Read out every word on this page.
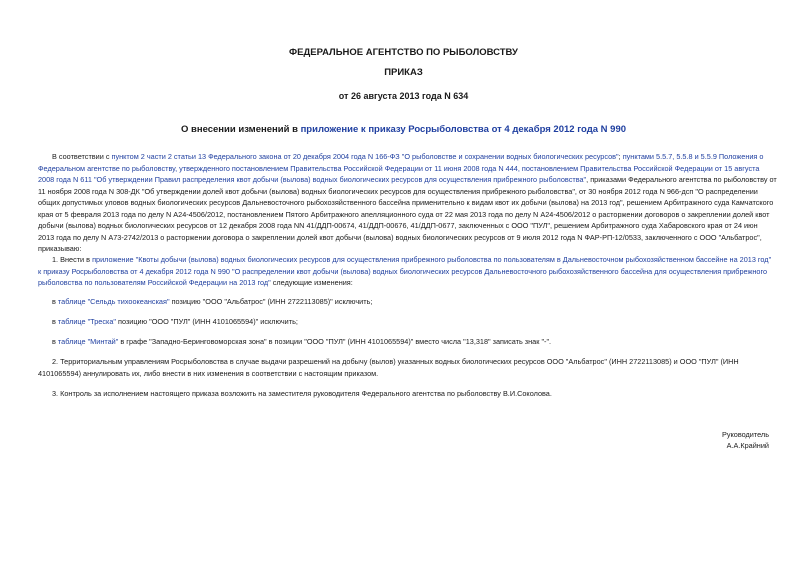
ФЕДЕРАЛЬНОЕ АГЕНТСТВО ПО РЫБОЛОВСТВУ
ПРИКАЗ
от 26 августа 2013 года N 634
О внесении изменений в приложение к приказу Росрыболовства от 4 декабря 2012 года N 990
В соответствии с пунктом 2 части 2 статьи 13 Федерального закона от 20 декабря 2004 года N 166-ФЗ "О рыболовстве и сохранении водных биологических ресурсов"; пунктами 5.5.7, 5.5.8 и 5.5.9 Положения о
Федеральном агентстве по рыболовству, утвержденного постановлением Правительства Российской Федерации от 11 июня 2008 года N 444, постановлением Правительства Российской Федерации от 15 августа
2008 года N 611 "Об утверждении Правил распределения квот добычи (вылова) водных биологических ресурсов для осуществления прибрежного рыболовства", приказами Федерального агентства по рыболовству от
11 ноября 2008 года N 308-ДК "Об утверждении долей квот добычи (вылова) водных биологических ресурсов для осуществления прибрежного рыболовства", от 30 ноября 2012 года N 966-дсп "О распределении
общих допустимых уловов водных биологических ресурсов Дальневосточного рыбохозяйственного бассейна применительно к видам квот их добычи (вылова) на 2013 год", решением Арбитражного суда Камчатского
края от 5 февраля 2013 года по делу N А24-4506/2012, постановлением Пятого Арбитражного апелляционного суда от 22 мая 2013 года по делу N А24-4506/2012 о расторжении договоров о закреплении долей квот
добычи (вылова) водных биологических ресурсов от 12 декабря 2008 года NN 41/ДДП-00674, 41/ДДП-00676, 41/ДДП-0677, заключенных с ООО "ПУЛ", решением Арбитражного суда Хабаровского края от 24 июн
2013 года по делу N А73-2742/2013 о расторжении договора о закреплении долей квот добычи (вылова) водных биологических ресурсов от 9 июля 2012 года N ФАР-РП-12/0533, заключенного с ООО "Альбатрос",
приказываю:
1. Внести в приложение "Квоты добычи (вылова) водных биологических ресурсов для осуществления прибрежного рыболовства по пользователям в Дальневосточном рыбохозяйственном бассейне на 2013 год"
к приказу Росрыболовства от 4 декабря 2012 года N 990 "О распределении квот добычи (вылова) водных биологических ресурсов Дальневосточного рыбохозяйственного бассейна для осуществления прибрежного
рыболовства по пользователям Российской Федерации на 2013 год" следующие изменения:
в таблице "Сельдь тихоокеанская" позицию "ООО "Альбатрос" (ИНН 2722113085)" исключить;
в таблице "Треска" позицию "ООО "ПУЛ" (ИНН 4101065594)" исключить;
в таблице "Минтай" в графе "Западно-Беринговоморская зона" в позиции "ООО "ПУЛ" (ИНН 4101065594)" вместо числа "13,318" записать знак "-".
2. Территориальным управлениям Росрыболовства в случае выдачи разрешений на добычу (вылов) указанных водных биологических ресурсов ООО "Альбатрос" (ИНН 2722113085) и ООО "ПУЛ" (ИНН
4101065594) аннулировать их, либо внести в них изменения в соответствии с настоящим приказом.
3. Контроль за исполнением настоящего приказа возложить на заместителя руководителя Федерального агентства по рыболовству В.И.Соколова.
Руководитель
А.А.Крайний
